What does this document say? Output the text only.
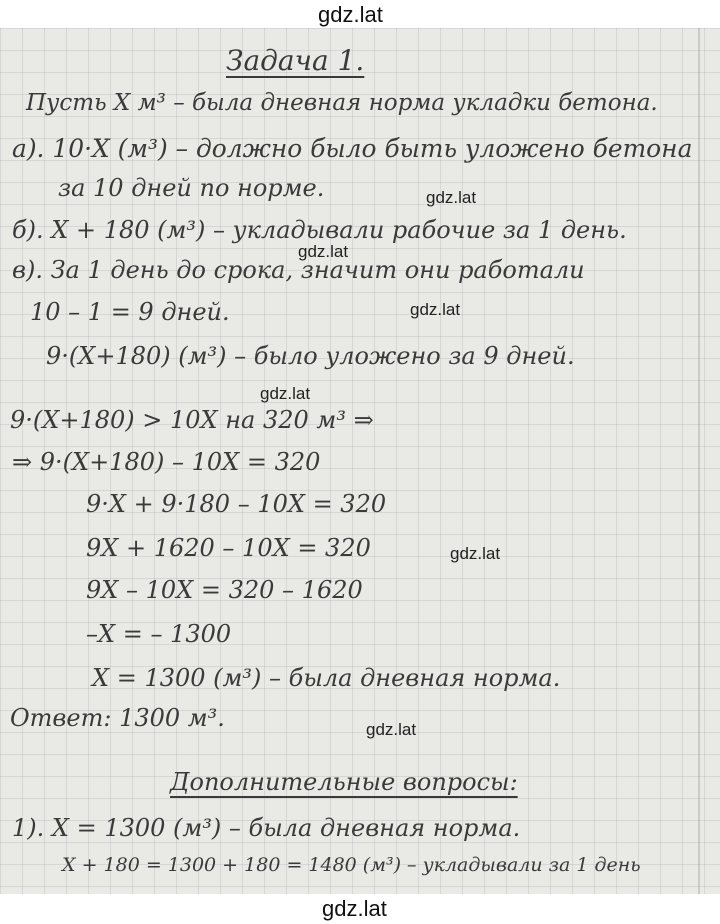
gdz.lat
Задача 1.
Пусть X м³ – была дневная норма укладки бетона.
а). 10·X (м³) – должно было быть уложено бетона
за 10 дней по норме.
б). X + 180 (м³) – укладывали рабочие за 1 день.
в). За 1 день до срока, значит они работали
10 – 1 = 9 дней.
9·(X+180) (м³) – было уложено за 9 дней.
9·(X+180) > 10X на 320 м³ ⇒
⇒ 9·(X+180) – 10X = 320
9·X + 9·180 – 10X = 320
9X + 1620 – 10X = 320
9X – 10X = 320 – 1620
–X = – 1300
X = 1300 (м³) – была дневная норма.
Ответ: 1300 м³.
Дополнительные вопросы:
1). X = 1300 (м³) – была дневная норма.
X + 180 = 1300 + 180 = 1480 (м³) – укладывали за 1 день
gdz.lat
gdz.lat
gdz.lat
gdz.lat
gdz.lat
gdz.lat
gdz.lat
